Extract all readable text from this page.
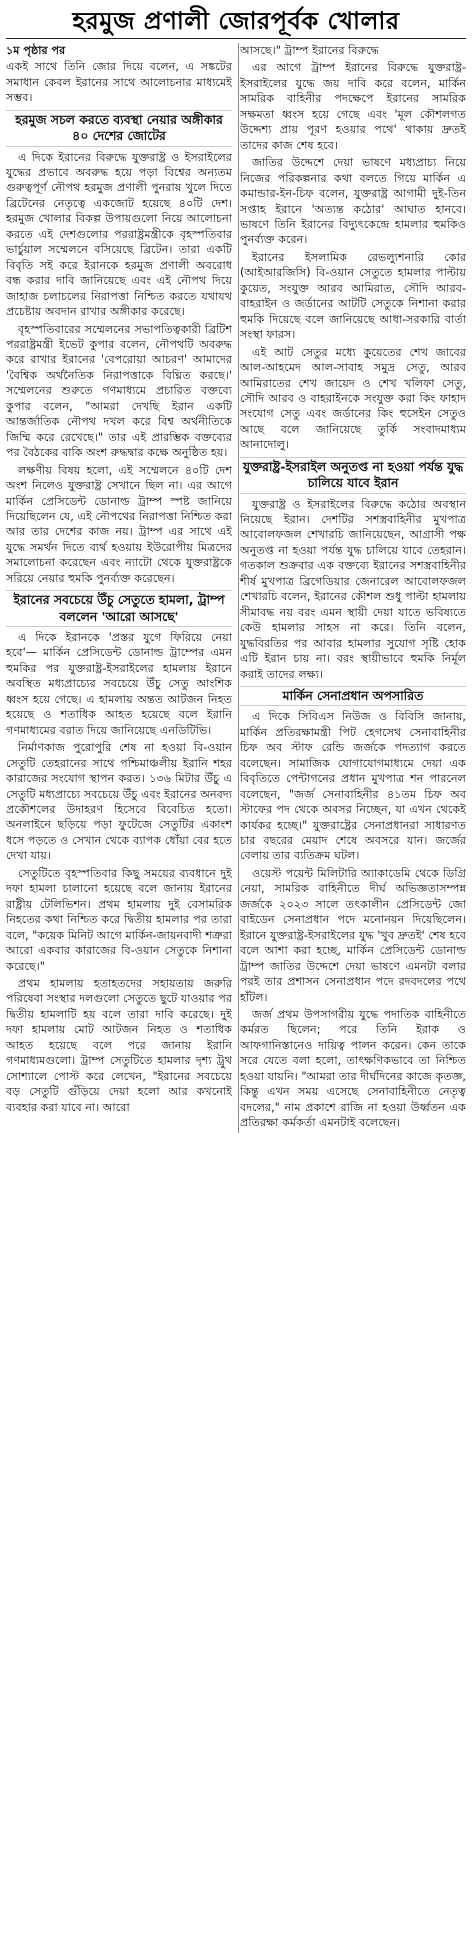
হরমুজ প্রণালী জোরপূর্বক খোলার
১ম পৃষ্ঠার পর

একই সাথে তিনি জোর দিয়ে বলেন, এ সঙ্কটের সমাধান কেবল ইরানের সাথে আলোচনার মাধ্যমেই সম্ভব।

হরমুজ সচল করতে ব্যবস্থা নেয়ার অঙ্গীকার ৪০ দেশের জোটের

এ দিকে ইরানের বিরুদ্ধে যুক্তরাষ্ট্র ও ইসরাইলের যুদ্ধের প্রভাবে অবরুদ্ধ হয়ে পড়া বিশ্বের অন্যতম গুরুত্বপূর্ণ নৌপথ হরমুজ প্রণালী পুনরায় খুলে দিতে ব্রিটেনের নেতৃত্বে একজোট হয়েছে ৪০টি দেশ। হরমুজ খোলার বিকল্প উপায়গুলো নিয়ে আলোচনা করতে এই দেশগুলোর পররাষ্ট্রমন্ত্রীকে বৃহস্পতিবার ভার্চুয়াল সম্মেলনে বসিয়েছে ব্রিটেন। তারা একটি বিবৃতি সই করে ইরানকে হরমুজ প্রণালী অবরোধ বন্ধ করার দাবি জানিয়েছে এবং এই নৌপথ দিয়ে জাহাজ চলাচলের নিরাপত্তা নিশ্চিত করতে যথাযথ প্রচেষ্টায় অবদান রাখার অঙ্গীকার করেছে।

বৃহস্পতিবারের সম্মেলনের সভাপতিত্বকারী ব্রিটিশ পররাষ্ট্রমন্ত্রী ইভেট কুপার বলেন, নৌপথটি অবরুদ্ধ করে রাখার ইরানের 'বেপরোয়া আচরণ' আমাদের 'বৈশ্বিক অর্থনৈতিক নিরাপত্তাকে বিঘ্নিত করছে।' সম্মেলনের শুরুতে গণমাধ্যমে প্রচারিত বক্তব্যে কুপার বলেন, "আমরা দেখছি ইরান একটি আন্তর্জাতিক নৌপথ দখল করে বিশ্ব অর্থনীতিকে জিম্মি করে রেখেছে।" তার এই প্রারম্ভিক বক্তব্যের পর বৈঠকের বাকি অংশ রুদ্ধদ্বার কক্ষে অনুষ্ঠিত হয়।

লক্ষণীয় বিষয় হলো, এই সম্মেলনে ৪০টি দেশ অংশ নিলেও যুক্তরাষ্ট্র সেখানে ছিল না। এর আগে মার্কিন প্রেসিডেন্ট ডোনাল্ড ট্রাম্প স্পষ্ট জানিয়ে দিয়েছিলেন যে, এই নৌপথের নিরাপত্তা নিশ্চিত করা আর তার দেশের কাজ নয়। ট্রাম্প এর সাথে এই যুদ্ধে সমর্থন দিতে ব্যর্থ হওয়ায় ইউরোপীয় মিত্রদের সমালোচনা করেছেন এবং ন্যাটো থেকে যুক্তরাষ্ট্রকে সরিয়ে নেয়ার হুমকি পুনর্ব্যক্ত করেছেন।

ইরানের সবচেয়ে উঁচু সেতুতে হামলা, ট্রাম্প বললেন 'আরো আসছে'

এ দিকে ইরানকে 'প্রস্তর যুগে ফিরিয়ে নেয়া হবে'— মার্কিন প্রেসিডেন্ট ডোনাল্ড ট্রাম্পের এমন হুমকির পর যুক্তরাষ্ট্র-ইসরাইলের হামলায় ইরানে অবস্থিত মধ্যপ্রাচ্যের সবচেয়ে উঁচু সেতু আংশিক ধ্বংস হয়ে গেছে। এ হামলায় অন্তত আটজন নিহত হয়েছে ও শতাধিক আহত হয়েছে বলে ইরানি গণমাধ্যমের বরাত দিয়ে জানিয়েছে এনডিটিভি।

নির্মাণকাজ পুরোপুরি শেষ না হওয়া বি-ওয়ান সেতুটি তেহরানের সাথে পশ্চিমাঞ্চলীয় ইরানি শহর কারাজের সংযোগ স্থাপন করত। ১৩৬ মিটার উঁচু এ সেতুটি মধ্যপ্রাচ্যে সবচেয়ে উঁচু এবং ইরানের অনবদ্য প্রকৌশলের উদাহরণ হিসেবে বিবেচিত হতো। অনলাইনে ছড়িয়ে পড়া ফুটেজে সেতুটির একাংশ ধসে পড়তে ও সেখান থেকে ব্যাপক ধোঁয়া বের হতে দেখা যায়।

সেতুটিতে বৃহস্পতিবার কিছু সময়ের ব্যবধানে দুই দফা হামলা চালানো হয়েছে বলে জানায় ইরানের রাষ্ট্রীয় টেলিভিশন। প্রথম হামলায় দুই বেসামরিক নিহতের কথা নিশ্চিত করে দ্বিতীয় হামলার পর তারা বলে, "কয়েক মিনিট আগে মার্কিন-জায়নবাদী শত্রুরা আরো একবার কারাজের বি-ওয়ান সেতুকে নিশানা করেছে।"

প্রথম হামলায় হতাহতদের সহায়তায় জরুরি পরিষেবা সংস্থার দলগুলো সেতুতে ছুটে যাওয়ার পর দ্বিতীয় হামলাটি হয় বলে তারা দাবি করেছে। দুই দফা হামলায় মোট আটজন নিহত ও শতাধিক আহত হয়েছে বলে পরে জানায় ইরানি গণমাধ্যমগুলো। ট্রাম্প সেতুটিতে হামলার দৃশ্য ট্রুথ সোশ্যালে পোস্ট করে লেখেন, "ইরানের সবচেয়ে বড় সেতুটি গুঁড়িয়ে দেয়া হলো আর কখনোই ব্যবহার করা যাবে না। আরো

আসছে।" ট্রাম্প ইরানের বিরুদ্ধে

এর আগে ট্রাম্প ইরানের বিরুদ্ধে যুক্তরাষ্ট্র-ইসরাইলের যুদ্ধে জয় দাবি করে বলেন, মার্কিন সামরিক বাহিনীর পদক্ষেপে ইরানের সামরিক সক্ষমতা ধ্বংস হয়ে গেছে এবং 'মূল কৌশলগত উদ্দেশ্য প্রায় পূরণ হওয়ার পথে' থাকায় দ্রুতই তাদের কাজ শেষ হবে।

জাতির উদ্দেশে দেয়া ভাষণে মধ্যপ্রাচ্য নিয়ে নিজের পরিকল্পনার কথা বলতে গিয়ে মার্কিন এ কমান্ডার-ইন-চিফ বলেন, যুক্তরাষ্ট্র আগামী দুই-তিন সপ্তাহ ইরানে 'অত্যন্ত কঠোর' আঘাত হানবে। ভাষণে তিনি ইরানের বিদ্যুৎকেন্দ্রে হামলার হুমকিও পুনর্ব্যক্ত করেন।

ইরানের ইসলামিক রেভল্যুশনারি কোর (আইআরজিসি) বি-ওয়ান সেতুতে হামলার পাল্টায় কুয়েত, সংযুক্ত আরব আমিরাত, সৌদি আরব-বাহরাইন ও জর্ডানের আটটি সেতুকে নিশানা করার হুমকি দিয়েছে বলে জানিয়েছে আধা-সরকারি বার্তা সংস্থা ফারস।

এই আট সেতুর মধ্যে কুয়েতের শেখ জাবের আল-আহমেদ আল-সাবাহ সমুদ্র সেতু, আরব আমিরাতের শেখ জায়েদ ও শেখ খলিফা সেতু, সৌদি আরব ও বাহরাইনকে সংযুক্ত করা কিং ফাহাদ সংযোগ সেতু এবং জর্ডানের কিং হুসেইন সেতুও আছে বলে জানিয়েছে তুর্কি সংবাদমাধ্যম আনাদোলু।

যুক্তরাষ্ট্র-ইসরাইল অনুতপ্ত না হওয়া পর্যন্ত যুদ্ধ চালিয়ে যাবে ইরান

যুক্তরাষ্ট্র ও ইসরাইলের বিরুদ্ধে কঠোর অবস্থান নিয়েছে ইরান। দেশটির সশস্ত্রবাহিনীর মুখপাত্র আবোলফজল শেখারচি জানিয়েছেন, আগ্রাসী পক্ষ অনুতপ্ত না হওয়া পর্যন্ত যুদ্ধ চালিয়ে যাবে তেহরান। গতকাল শুক্রবার এক বক্তব্যে ইরানের সশস্ত্রবাহিনীর শীর্ষ মুখপাত্র ব্রিগেডিয়ার জেনারেল আবোলফজল শেখারচি বলেন, ইরানের কৌশল শুধু পাল্টা হামলায় সীমাবদ্ধ নয় বরং এমন স্থায়ী দেয়া যাতে ভবিষ্যতে কেউ হামলার সাহস না করে। তিনি বলেন, যুদ্ধবিরতির পর আবার হামলার সুযোগ সৃষ্টি হোক এটি ইরান চায় না। বরং স্থায়ীভাবে হুমকি নির্মূল করাই তাদের লক্ষ্য।

মার্কিন সেনাপ্রধান অপসারিত

এ দিকে সিবিএস নিউজ ও বিবিসি জানায়, মার্কিন প্রতিরক্ষামন্ত্রী পিট হেগসেথ সেনাবাহিনীর চিফ অব স্টাফ রেন্ডি জর্জকে পদত্যাগ করতে বলেছেন। সামাজিক যোগাযোগমাধ্যমে দেয়া এক বিবৃতিতে পেন্টাগনের প্রধান মুখপাত্র শন পারনেল বলেছেন, "জর্জ সেনাবাহিনীর ৪১তম চিফ অব স্টাফের পদ থেকে অবসর নিচ্ছেন, যা এখন থেকেই কার্যকর হচ্ছে।" যুক্তরাষ্ট্রের সেনাপ্রধানরা সাধারণত চার বছরের মেয়াদ শেষে অবসরে যান। জর্জের বেলায় তার ব্যতিক্রম ঘটল।

ওয়েস্ট পয়েন্ট মিলিটারি অ্যাকাডেমি থেকে ডিগ্রি নেয়া, সামরিক বাহিনীতে দীর্ঘ অভিজ্ঞতাসম্পন্ন জর্জকে ২০২৩ সালে তৎকালীন প্রেসিডেন্ট জো বাইডেন সেনাপ্রধান পদে মনোনয়ন দিয়েছিলেন। ইরানে যুক্তরাষ্ট্র-ইসরাইলের যুদ্ধ 'খুব দ্রুতই' শেষ হবে বলে আশা করা হচ্ছে, মার্কিন প্রেসিডেন্ট ডোনাল্ড ট্রাম্প জাতির উদ্দেশে দেয়া ভাষণে এমনটা বলার পরই তার প্রশাসন সেনাপ্রধান পদে রদবদলের পথে হাঁটল।

জর্জ প্রথম উপসাগরীয় যুদ্ধে পদাতিক বাহিনীতে কর্মরত ছিলেন; পরে তিনি ইরাক ও আফগানিস্তানেও দায়িত্ব পালন করেন। কেন তাকে সরে যেতে বলা হলো, তাৎক্ষণিকভাবে তা নিশ্চিত হওয়া যায়নি। "আমরা তার দীর্ঘদিনের কাজে কৃতজ্ঞ, কিন্তু এখন সময় এসেছে সেনাবাহিনীতে নেতৃত্ব বদলের," নাম প্রকাশে রাজি না হওয়া উর্ধ্বতন এক প্রতিরক্ষা কর্মকর্তা এমনটাই বলেছেন।
